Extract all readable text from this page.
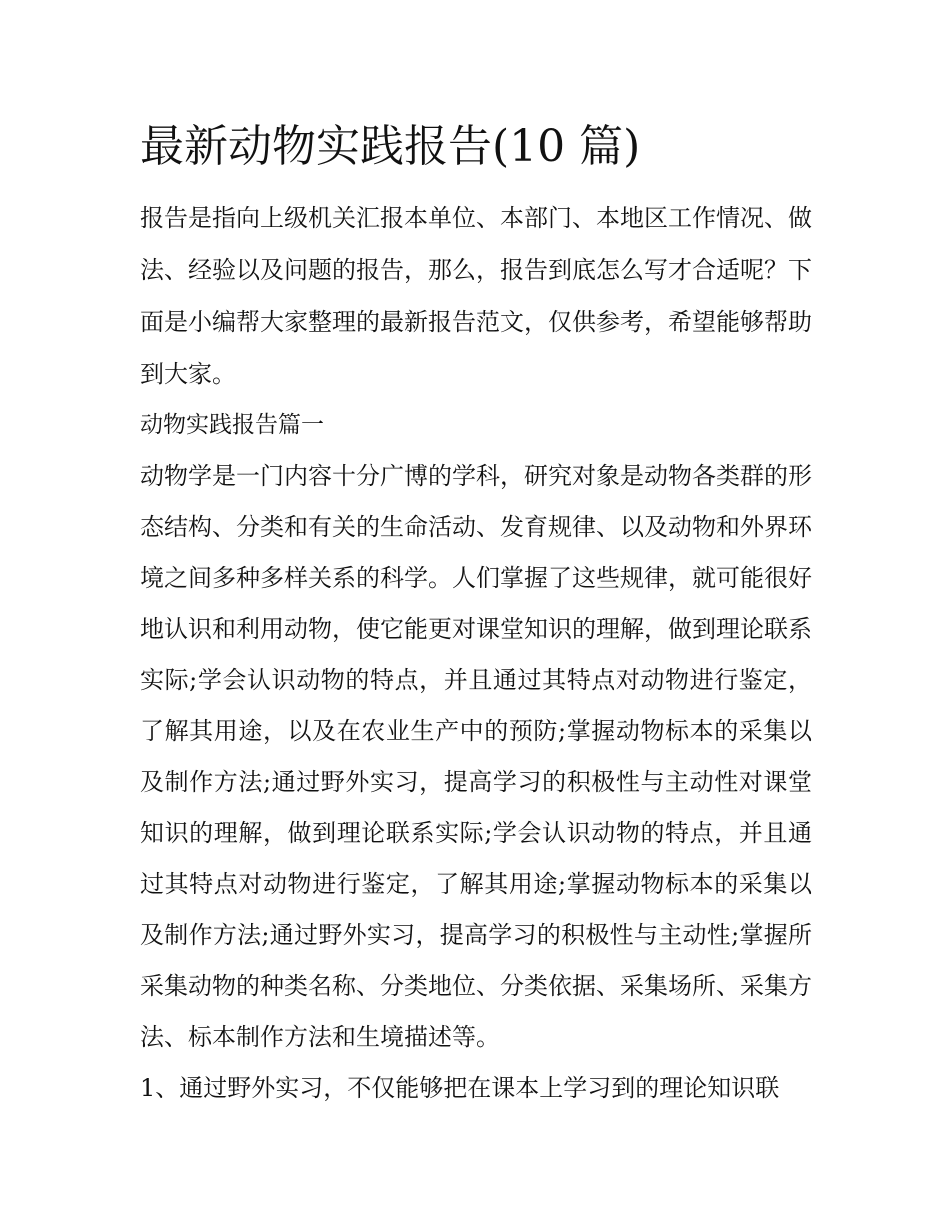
最新动物实践报告(10 篇)

报告是指向上级机关汇报本单位、本部门、本地区工作情况、做法、经验以及问题的报告，那么，报告到底怎么写才合适呢？下面是小编帮大家整理的最新报告范文，仅供参考，希望能够帮助到大家。

动物实践报告篇一

动物学是一门内容十分广博的学科，研究对象是动物各类群的形态结构、分类和有关的生命活动、发育规律、以及动物和外界环境之间多种多样关系的科学。人们掌握了这些规律，就可能很好地认识和利用动物，使它能更对课堂知识的理解，做到理论联系实际;学会认识动物的特点，并且通过其特点对动物进行鉴定，了解其用途，以及在农业生产中的预防;掌握动物标本的采集以及制作方法;通过野外实习，提高学习的积极性与主动性对课堂知识的理解，做到理论联系实际;学会认识动物的特点，并且通过其特点对动物进行鉴定，了解其用途;掌握动物标本的采集以及制作方法;通过野外实习，提高学习的积极性与主动性;掌握所采集动物的种类名称、分类地位、分类依据、采集场所、采集方法、标本制作方法和生境描述等。

1、通过野外实习，不仅能够把在课本上学习到的理论知识联
